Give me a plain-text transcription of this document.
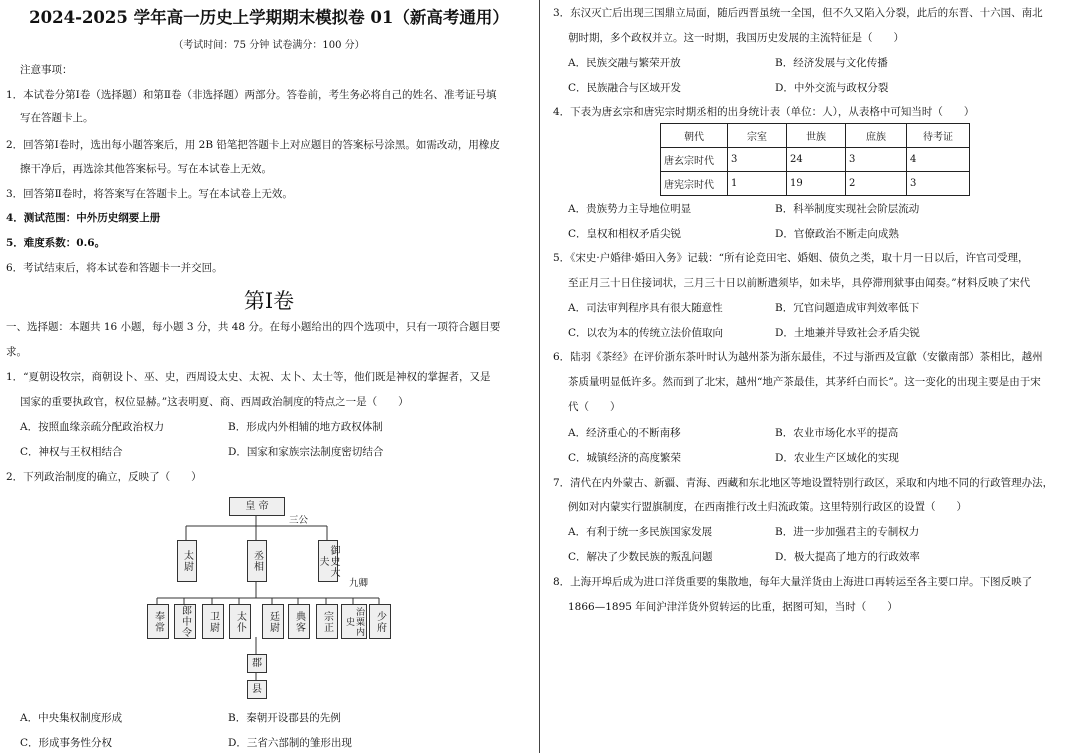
2024-2025 学年高一历史上学期期末模拟卷 01（新高考通用）
（考试时间：75 分钟 试卷满分：100 分）
注意事项：
1．本试卷分第Ⅰ卷（选择题）和第Ⅱ卷（非选择题）两部分。答卷前，考生务必将自己的姓名、准考证号填
写在答题卡上。
2．回答第Ⅰ卷时，选出每小题答案后，用 2B 铅笔把答题卡上对应题目的答案标号涂黑。如需改动，用橡皮
擦干净后，再选涂其他答案标号。写在本试卷上无效。
3．回答第Ⅱ卷时，将答案写在答题卡上。写在本试卷上无效。
4．测试范围：中外历史纲要上册
5．难度系数：0.6。
6．考试结束后，将本试卷和答题卡一并交回。
第Ⅰ卷
一、选择题：本题共 16 小题，每小题 3 分，共 48 分。在每小题给出的四个选项中，只有一项符合题目要
求。
1．“夏朝设牧宗，商朝设卜、巫、史，西周设太史、太祝、太卜、太士等，他们既是神权的掌握者，又是
国家的重要执政官，权位显赫。”这表明夏、商、西周政治制度的特点之一是（　　）
A．按照血缘亲疏分配政治权力	B．形成内外相辅的地方政权体制
C．神权与王权相结合	D．国家和家族宗法制度密切结合
2．下列政治制度的确立，反映了（　　）
皇 帝
三公
太尉	丞相	御史大夫
九卿
奉常	郎中令	卫尉	太仆	廷尉	典客	宗正	治粟内史	少府
郡
县
A．中央集权制度形成	B．秦朝开设郡县的先例
C．形成事务性分权	D．三省六部制的雏形出现
3．东汉灭亡后出现三国鼎立局面，随后西晋虽统一全国，但不久又陷入分裂，此后的东晋、十六国、南北
朝时期，多个政权并立。这一时期，我国历史发展的主流特征是（　　）
A．民族交融与繁荣开放	B．经济发展与文化传播
C．民族融合与区域开发	D．中外交流与政权分裂
4．下表为唐玄宗和唐宪宗时期丞相的出身统计表（单位：人），从表格中可知当时（　　）
朝代	宗室	世族	庶族	待考证
唐玄宗时代	3	24	3	4
唐宪宗时代	1	19	2	3
A．贵族势力主导地位明显	B．科举制度实现社会阶层流动
C．皇权和相权矛盾尖锐	D．官僚政治不断走向成熟
5．《宋史·户婚律·婚田入务》记载：“所有论竞田宅、婚姻、债负之类，取十月一日以后，许官司受理，
至正月三十日住接词状，三月三十日以前断遣须毕，如未毕，具停滞刑狱事由闻奏。”材料反映了宋代
A．司法审判程序具有很大随意性	B．冗官问题造成审判效率低下
C．以农为本的传统立法价值取向	D．土地兼并导致社会矛盾尖锐
6．陆羽《茶经》在评价浙东茶叶时认为越州茶为浙东最佳，不过与浙西及宣歙（安徽南部）茶相比，越州
茶质量明显低许多。然而到了北宋，越州“地产茶最佳，其茅纤白而长”。这一变化的出现主要是由于宋
代（　　）
A．经济重心的不断南移	B．农业市场化水平的提高
C．城镇经济的高度繁荣	D．农业生产区域化的实现
7．清代在内外蒙古、新疆、青海、西藏和东北地区等地设置特别行政区，采取和内地不同的行政管理办法，
例如对内蒙实行盟旗制度，在西南推行改土归流政策。这里特别行政区的设置（　　）
A．有利于统一多民族国家发展	B．进一步加强君主的专制权力
C．解决了少数民族的叛乱问题	D．极大提高了地方的行政效率
8．上海开埠后成为进口洋货重要的集散地，每年大量洋货由上海进口再转运至各主要口岸。下图反映了
1866—1895 年间沪津洋货外贸转运的比重，据图可知，当时（　　）
